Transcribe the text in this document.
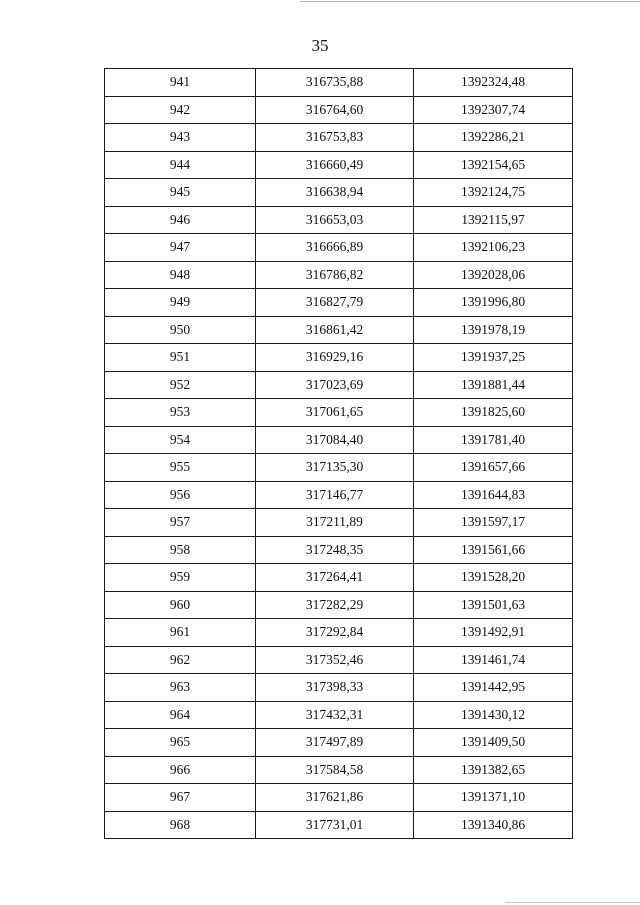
35
941	316735,88	1392324,48
942	316764,60	1392307,74
943	316753,83	1392286,21
944	316660,49	1392154,65
945	316638,94	1392124,75
946	316653,03	1392115,97
947	316666,89	1392106,23
948	316786,82	1392028,06
949	316827,79	1391996,80
950	316861,42	1391978,19
951	316929,16	1391937,25
952	317023,69	1391881,44
953	317061,65	1391825,60
954	317084,40	1391781,40
955	317135,30	1391657,66
956	317146,77	1391644,83
957	317211,89	1391597,17
958	317248,35	1391561,66
959	317264,41	1391528,20
960	317282,29	1391501,63
961	317292,84	1391492,91
962	317352,46	1391461,74
963	317398,33	1391442,95
964	317432,31	1391430,12
965	317497,89	1391409,50
966	317584,58	1391382,65
967	317621,86	1391371,10
968	317731,01	1391340,86
